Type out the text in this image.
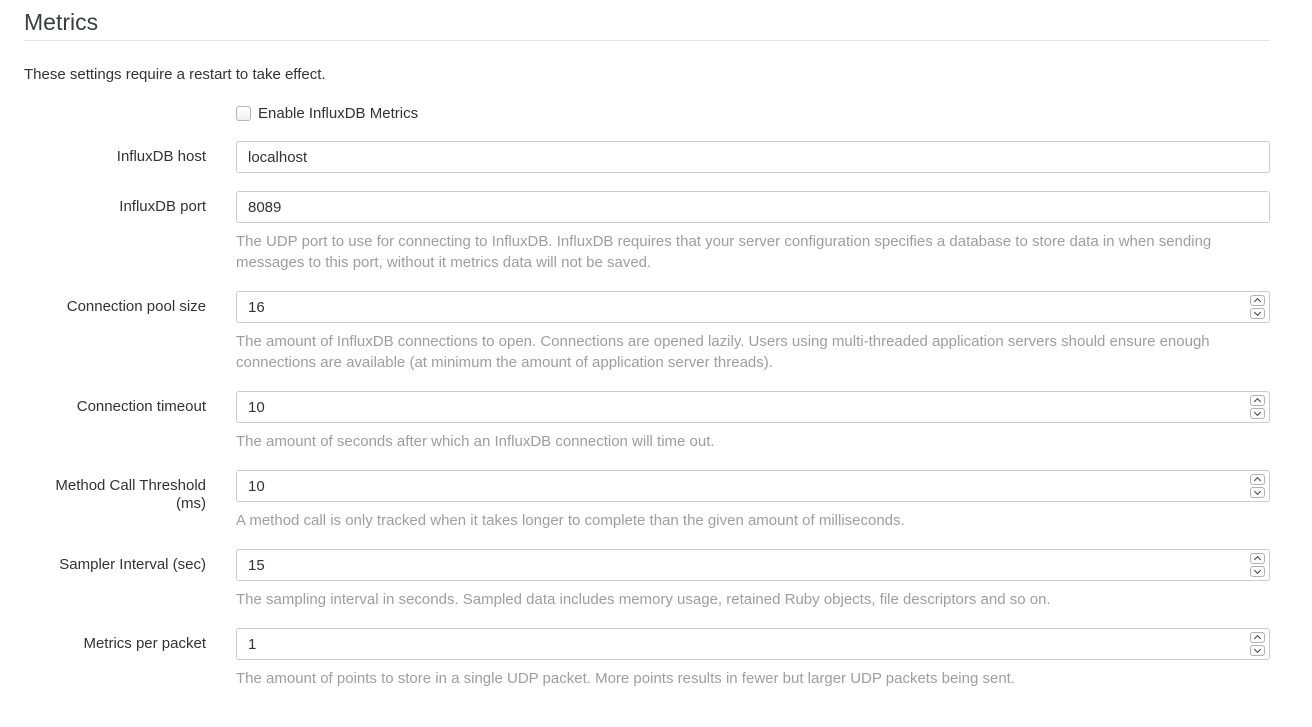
Metrics

These settings require a restart to take effect.

Enable InfluxDB Metrics
InfluxDB host
localhost
InfluxDB port
8089

The UDP port to use for connecting to InfluxDB. InfluxDB requires that your server configuration specifies a database to store data in when sending messages to this port, without it metrics data will not be saved.

Connection pool size
16

The amount of InfluxDB connections to open. Connections are opened lazily. Users using multi-threaded application servers should ensure enough connections are available (at minimum the amount of application server threads).

Connection timeout
10

The amount of seconds after which an InfluxDB connection will time out.

Method Call Threshold (ms)
10

A method call is only tracked when it takes longer to complete than the given amount of milliseconds.

Sampler Interval (sec)
15

The sampling interval in seconds. Sampled data includes memory usage, retained Ruby objects, file descriptors and so on.

Metrics per packet
1

The amount of points to store in a single UDP packet. More points results in fewer but larger UDP packets being sent.
